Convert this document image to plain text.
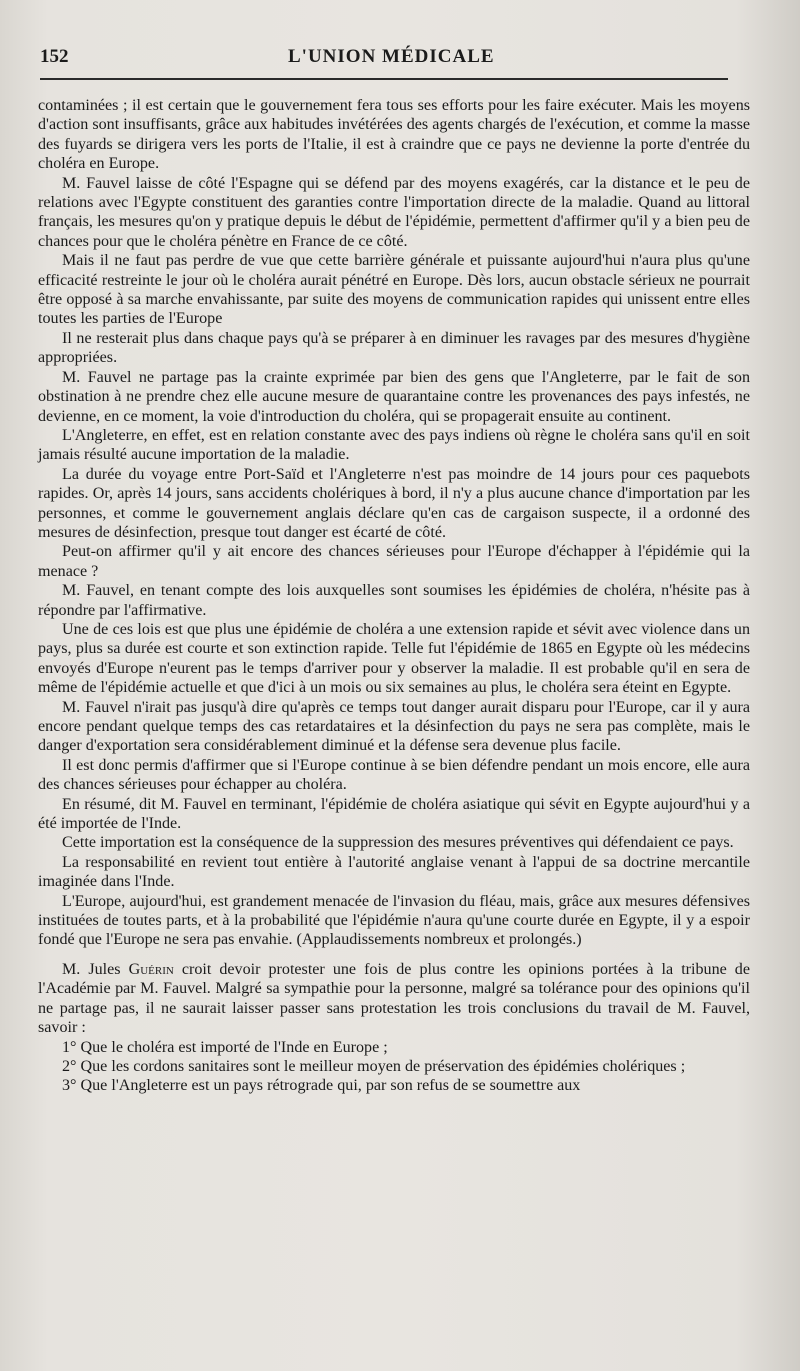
152	L'UNION MÉDICALE

contaminées ; il est certain que le gouvernement fera tous ses efforts pour les faire exécuter. Mais les moyens d'action sont insuffisants, grâce aux habitudes invétérées des agents chargés de l'exécution, et comme la masse des fuyards se dirigera vers les ports de l'Italie, il est à craindre que ce pays ne devienne la porte d'entrée du choléra en Europe.

M. Fauvel laisse de côté l'Espagne qui se défend par des moyens exagérés, car la distance et le peu de relations avec l'Egypte constituent des garanties contre l'importation directe de la maladie. Quand au littoral français, les mesures qu'on y pratique depuis le début de l'épidémie, permettent d'affirmer qu'il y a bien peu de chances pour que le choléra pénètre en France de ce côté.

Mais il ne faut pas perdre de vue que cette barrière générale et puissante aujourd'hui n'aura plus qu'une efficacité restreinte le jour où le choléra aurait pénétré en Europe. Dès lors, aucun obstacle sérieux ne pourrait être opposé à sa marche envahissante, par suite des moyens de communication rapides qui unissent entre elles toutes les parties de l'Europe

Il ne resterait plus dans chaque pays qu'à se préparer à en diminuer les ravages par des mesures d'hygiène appropriées.

M. Fauvel ne partage pas la crainte exprimée par bien des gens que l'Angleterre, par le fait de son obstination à ne prendre chez elle aucune mesure de quarantaine contre les provenances des pays infestés, ne devienne, en ce moment, la voie d'introduction du choléra, qui se propagerait ensuite au continent.

L'Angleterre, en effet, est en relation constante avec des pays indiens où règne le choléra sans qu'il en soit jamais résulté aucune importation de la maladie.

La durée du voyage entre Port-Saïd et l'Angleterre n'est pas moindre de 14 jours pour ces paquebots rapides. Or, après 14 jours, sans accidents cholériques à bord, il n'y a plus aucune chance d'importation par les personnes, et comme le gouvernement anglais déclare qu'en cas de cargaison suspecte, il a ordonné des mesures de désinfection, presque tout danger est écarté de côté.

Peut-on affirmer qu'il y ait encore des chances sérieuses pour l'Europe d'échapper à l'épidémie qui la menace ?

M. Fauvel, en tenant compte des lois auxquelles sont soumises les épidémies de choléra, n'hésite pas à répondre par l'affirmative.

Une de ces lois est que plus une épidémie de choléra a une extension rapide et sévit avec violence dans un pays, plus sa durée est courte et son extinction rapide. Telle fut l'épidémie de 1865 en Egypte où les médecins envoyés d'Europe n'eurent pas le temps d'arriver pour y observer la maladie. Il est probable qu'il en sera de même de l'épidémie actuelle et que d'ici à un mois ou six semaines au plus, le choléra sera éteint en Egypte.

M. Fauvel n'irait pas jusqu'à dire qu'après ce temps tout danger aurait disparu pour l'Europe, car il y aura encore pendant quelque temps des cas retardataires et la désinfection du pays ne sera pas complète, mais le danger d'exportation sera considérablement diminué et la défense sera devenue plus facile.

Il est donc permis d'affirmer que si l'Europe continue à se bien défendre pendant un mois encore, elle aura des chances sérieuses pour échapper au choléra.

En résumé, dit M. Fauvel en terminant, l'épidémie de choléra asiatique qui sévit en Egypte aujourd'hui y a été importée de l'Inde.

Cette importation est la conséquence de la suppression des mesures préventives qui défendaient ce pays.

La responsabilité en revient tout entière à l'autorité anglaise venant à l'appui de sa doctrine mercantile imaginée dans l'Inde.

L'Europe, aujourd'hui, est grandement menacée de l'invasion du fléau, mais, grâce aux mesures défensives instituées de toutes parts, et à la probabilité que l'épidémie n'aura qu'une courte durée en Egypte, il y a espoir fondé que l'Europe ne sera pas envahie. (Applaudissements nombreux et prolongés.)

M. Jules Guérin croit devoir protester une fois de plus contre les opinions portées à la tribune de l'Académie par M. Fauvel. Malgré sa sympathie pour la personne, malgré sa tolérance pour des opinions qu'il ne partage pas, il ne saurait laisser passer sans protestation les trois conclusions du travail de M. Fauvel, savoir :

1° Que le choléra est importé de l'Inde en Europe ;

2° Que les cordons sanitaires sont le meilleur moyen de préservation des épidémies cholériques ;

3° Que l'Angleterre est un pays rétrograde qui, par son refus de se soumettre aux
